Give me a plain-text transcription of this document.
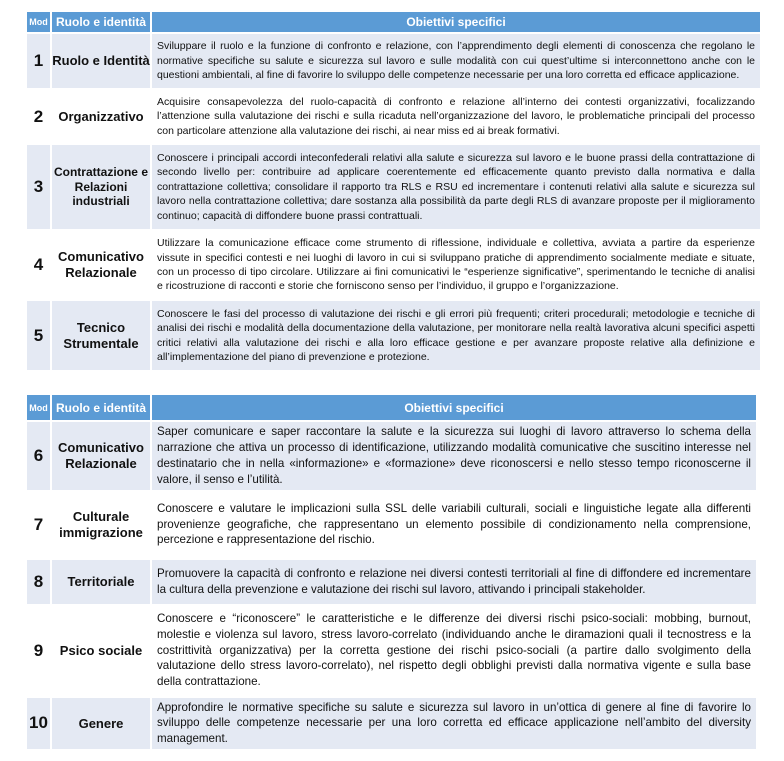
Mod	Ruolo e identità	Obiettivi specifici
1	Ruolo e Identità	Sviluppare il ruolo e la funzione di confronto e relazione, con l’apprendimento degli elementi di conoscenza che regolano le normative specifiche su salute e sicurezza sul lavoro e sulle modalità con cui quest’ultime si interconnettono anche con le questioni ambientali, al fine di favorire lo sviluppo delle competenze necessarie per una loro corretta ed efficace applicazione.
2	Organizzativo	Acquisire consapevolezza del ruolo-capacità di confronto e relazione all’interno dei contesti organizzativi, focalizzando l’attenzione sulla valutazione dei rischi e sulla ricaduta nell’organizzazione del lavoro, le problematiche principali del processo con particolare attenzione alla valutazione dei rischi, ai near miss ed ai break formativi.
3	Contrattazione e Relazioni industriali	Conoscere i principali accordi inteconfederali relativi alla salute e sicurezza sul lavoro e le buone prassi della contrattazione di secondo livello per: contribuire ad applicare coerentemente ed efficacemente quanto previsto dalla normativa e dalla contrattazione collettiva; consolidare il rapporto tra RLS e RSU ed incrementare i contenuti relativi alla salute e sicurezza sul lavoro nella contrattazione collettiva; dare sostanza alla possibilità da parte degli RLS di avanzare proposte per il miglioramento continuo; capacità di diffondere buone prassi contrattuali.
4	Comunicativo Relazionale	Utilizzare la comunicazione efficace come strumento di riflessione, individuale e collettiva, avviata a partire da esperienze vissute in specifici contesti e nei luoghi di lavoro in cui si sviluppano pratiche di apprendimento socialmente mediate e situate, con un processo di tipo circolare. Utilizzare ai fini comunicativi le “esperienze significative”, sperimentando le tecniche di analisi e ricostruzione di racconti e storie che forniscono senso per l’individuo, il gruppo e l’organizzazione.
5	Tecnico Strumentale	Conoscere le fasi del processo di valutazione dei rischi e gli errori più frequenti; criteri procedurali; metodologie e tecniche di analisi dei rischi e modalità della documentazione della valutazione, per monitorare nella realtà lavorativa alcuni specifici aspetti critici relativi alla valutazione dei rischi e alla loro efficace gestione e per avanzare proposte relative alla definizione e all’implementazione del piano di prevenzione e protezione.
Mod	Ruolo e identità	Obiettivi specifici
6	Comunicativo Relazionale	Saper comunicare e saper raccontare la salute e la sicurezza sui luoghi di lavoro attraverso lo schema della narrazione che attiva un processo di identificazione, utilizzando modalità comunicative che suscitino interesse nel destinatario che in nella «informazione» e «formazione» deve riconoscersi e nello stesso tempo riconoscerne il valore, il senso e l’utilità.
7	Culturale immigrazione	Conoscere e valutare le implicazioni sulla SSL delle variabili culturali, sociali e linguistiche legate alla differenti provenienze geografiche, che rappresentano un elemento possibile di condizionamento nella comprensione, percezione e rappresentazione del rischio.
8	Territoriale	Promuovere la capacità di confronto e relazione nei diversi contesti territoriali al fine di diffondere ed incrementare la cultura della prevenzione e valutazione dei rischi sul lavoro, attivando i principali stakeholder.
9	Psico sociale	Conoscere e “riconoscere” le caratteristiche e le differenze dei diversi rischi psico-sociali: mobbing, burnout, molestie e violenza sul lavoro, stress lavoro-correlato (individuando anche le diramazioni quali il tecnostress e la costrittività organizzativa) per la corretta gestione dei rischi psico-sociali (a partire dallo svolgimento della valutazione dello stress lavoro-correlato), nel rispetto degli obblighi previsti dalla normativa vigente e sulla base della contrattazione.
10	Genere	Approfondire le normative specifiche su salute e sicurezza sul lavoro in un’ottica di genere al fine di favorire lo sviluppo delle competenze necessarie per una loro corretta ed efficace applicazione nell’ambito del diversity management.
